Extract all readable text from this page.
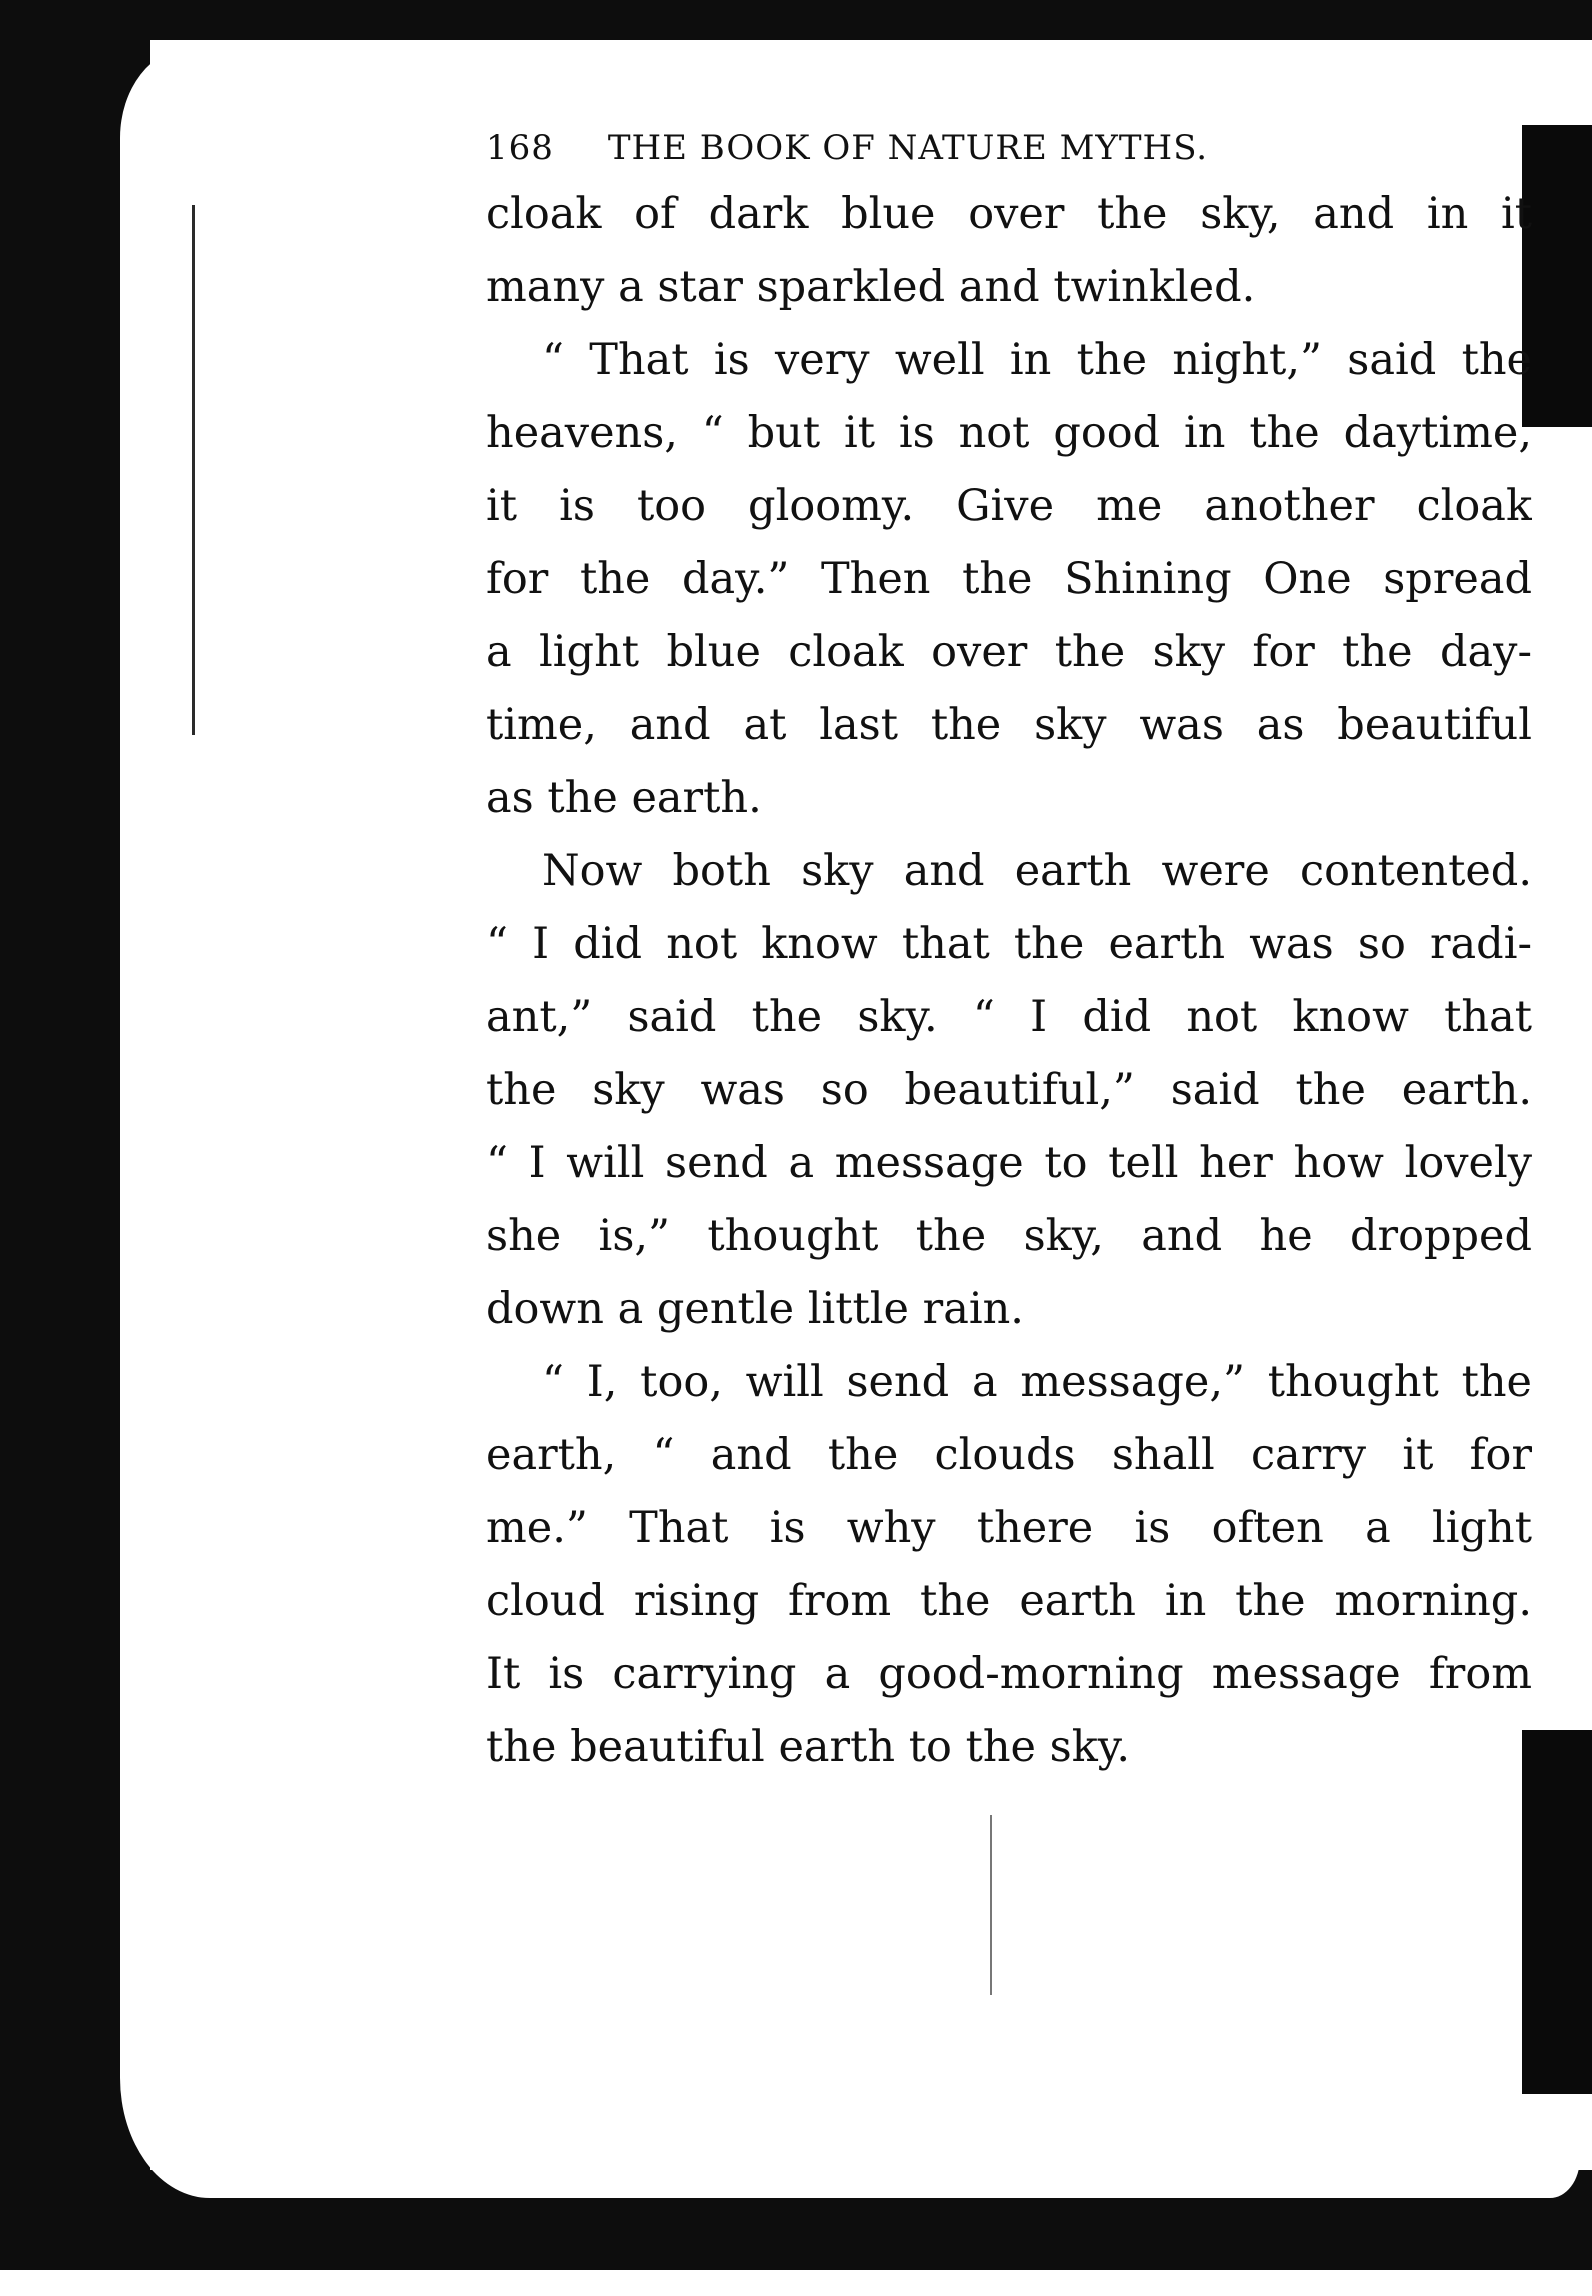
168 THE BOOK OF NATURE MYTHS.
cloak of dark blue over the sky, and in it
many a star sparkled and twinkled.
“ That is very well in the night,” said the
heavens, “ but it is not good in the daytime,
it is too gloomy. Give me another cloak
for the day.” Then the Shining One spread
a light blue cloak over the sky for the day-
time, and at last the sky was as beautiful
as the earth.
Now both sky and earth were contented.
“ I did not know that the earth was so radi-
ant,” said the sky. “ I did not know that
the sky was so beautiful,” said the earth.
“ I will send a message to tell her how lovely
she is,” thought the sky, and he dropped
down a gentle little rain.
“ I, too, will send a message,” thought the
earth, “ and the clouds shall carry it for
me.” That is why there is often a light
cloud rising from the earth in the morning.
It is carrying a good-morning message from
the beautiful earth to the sky.
